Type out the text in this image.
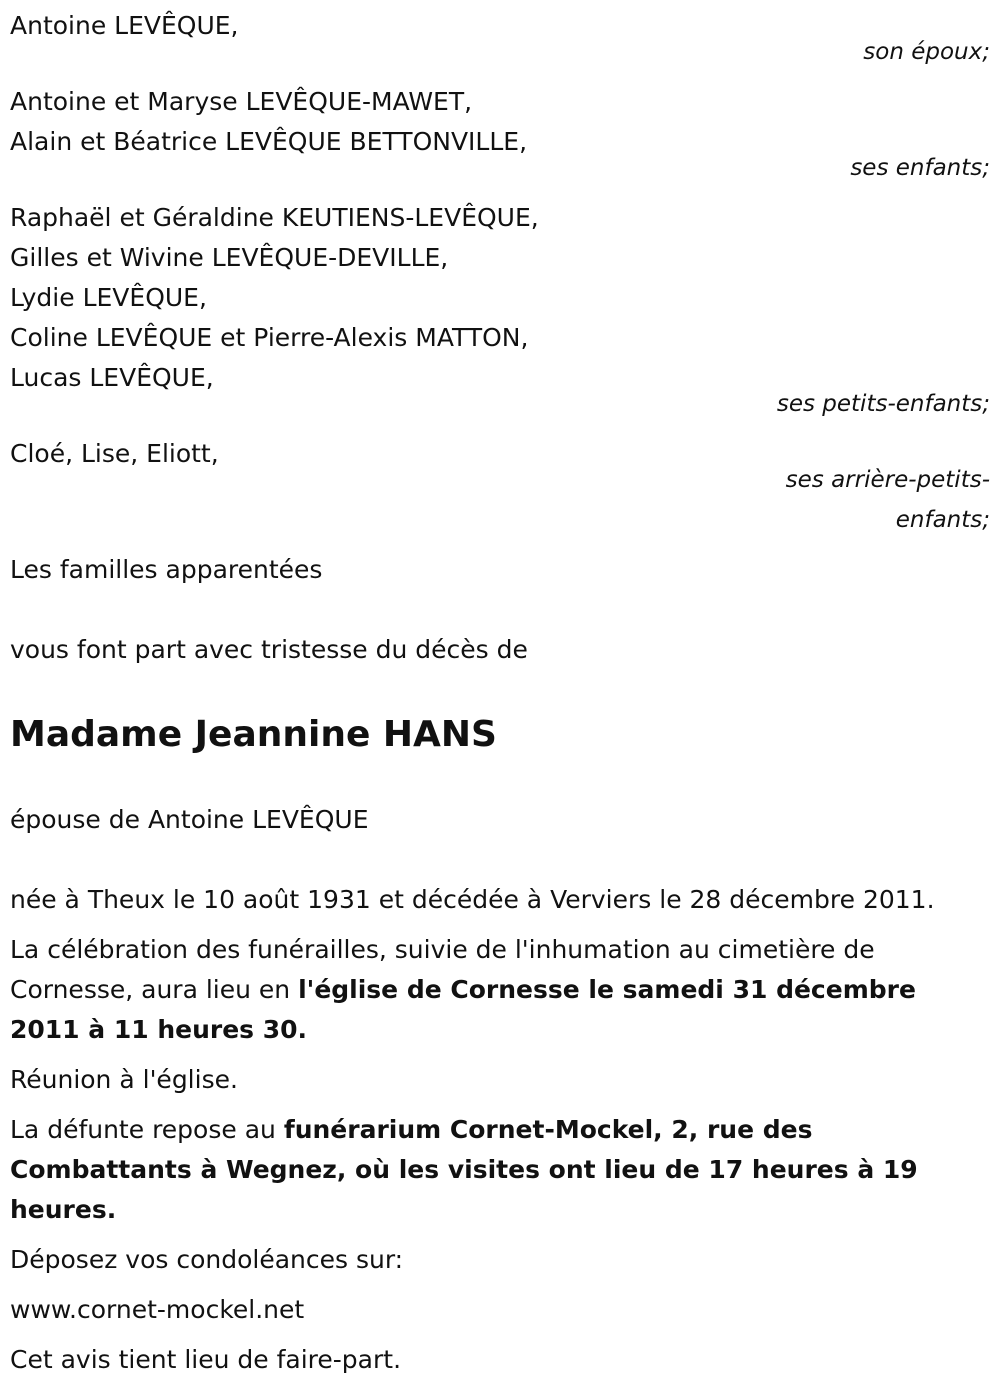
Antoine LEVÊQUE,
son époux;
Antoine et Maryse LEVÊQUE-MAWET,
Alain et Béatrice LEVÊQUE BETTONVILLE,
ses enfants;
Raphaël et Géraldine KEUTIENS-LEVÊQUE,
Gilles et Wivine LEVÊQUE-DEVILLE,
Lydie LEVÊQUE,
Coline LEVÊQUE et Pierre-Alexis MATTON,
Lucas LEVÊQUE,
ses petits-enfants;
Cloé, Lise, Eliott,
ses arrière-petits-
enfants;
Les familles apparentées
vous font part avec tristesse du décès de
Madame Jeannine HANS
épouse de Antoine LEVÊQUE
née à Theux le 10 août 1931 et décédée à Verviers le 28 décembre 2011.
La célébration des funérailles, suivie de l'inhumation au cimetière de Cornesse, aura lieu en l'église de Cornesse le samedi 31 décembre 2011 à 11 heures 30.
Réunion à l'église.
La défunte repose au funérarium Cornet-Mockel, 2, rue des Combattants à Wegnez, où les visites ont lieu de 17 heures à 19 heures.
Déposez vos condoléances sur:
www.cornet-mockel.net
Cet avis tient lieu de faire-part.
